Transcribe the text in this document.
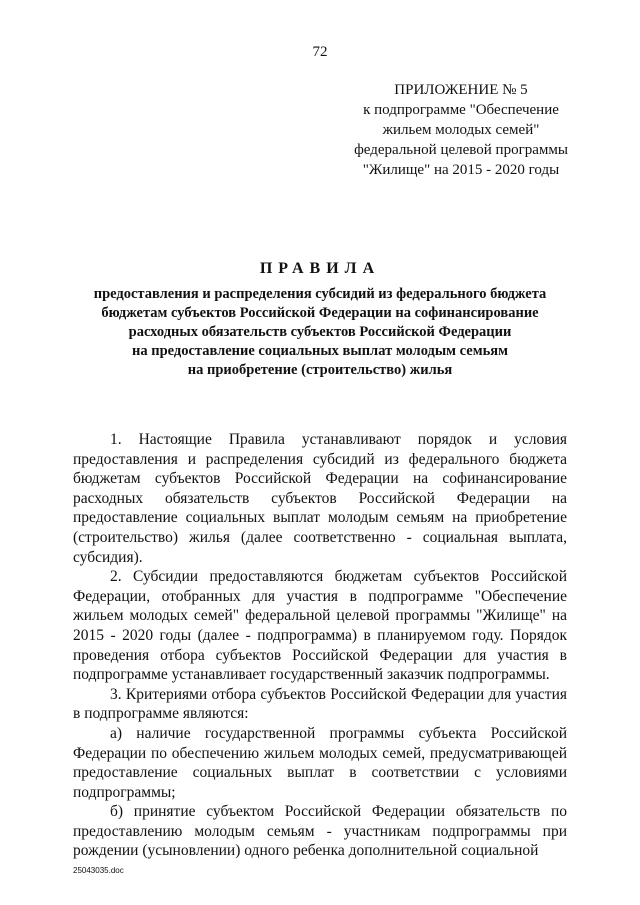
72
ПРИЛОЖЕНИЕ № 5
к подпрограмме "Обеспечение
жильем молодых семей"
федеральной целевой программы
"Жилище" на 2015 - 2020 годы
ПРАВИЛА
предоставления и распределения субсидий из федерального бюджета
бюджетам субъектов Российской Федерации на софинансирование
расходных обязательств субъектов Российской Федерации
на предоставление социальных выплат молодым семьям
на приобретение (строительство) жилья

1. Настоящие Правила устанавливают порядок и условия предоставления и распределения субсидий из федерального бюджета бюджетам субъектов Российской Федерации на софинансирование расходных обязательств субъектов Российской Федерации на предоставление социальных выплат молодым семьям на приобретение (строительство) жилья (далее соответственно - социальная выплата, субсидия).

2. Субсидии предоставляются бюджетам субъектов Российской Федерации, отобранных для участия в подпрограмме "Обеспечение жильем молодых семей" федеральной целевой программы "Жилище" на 2015 - 2020 годы (далее - подпрограмма) в планируемом году. Порядок проведения отбора субъектов Российской Федерации для участия в подпрограмме устанавливает государственный заказчик подпрограммы.

3. Критериями отбора субъектов Российской Федерации для участия в подпрограмме являются:

а) наличие государственной программы субъекта Российской Федерации по обеспечению жильем молодых семей, предусматривающей предоставление социальных выплат в соответствии с условиями подпрограммы;

б) принятие субъектом Российской Федерации обязательств по предоставлению молодым семьям - участникам подпрограммы при рождении (усыновлении) одного ребенка дополнительной социальной

25043035.doc
